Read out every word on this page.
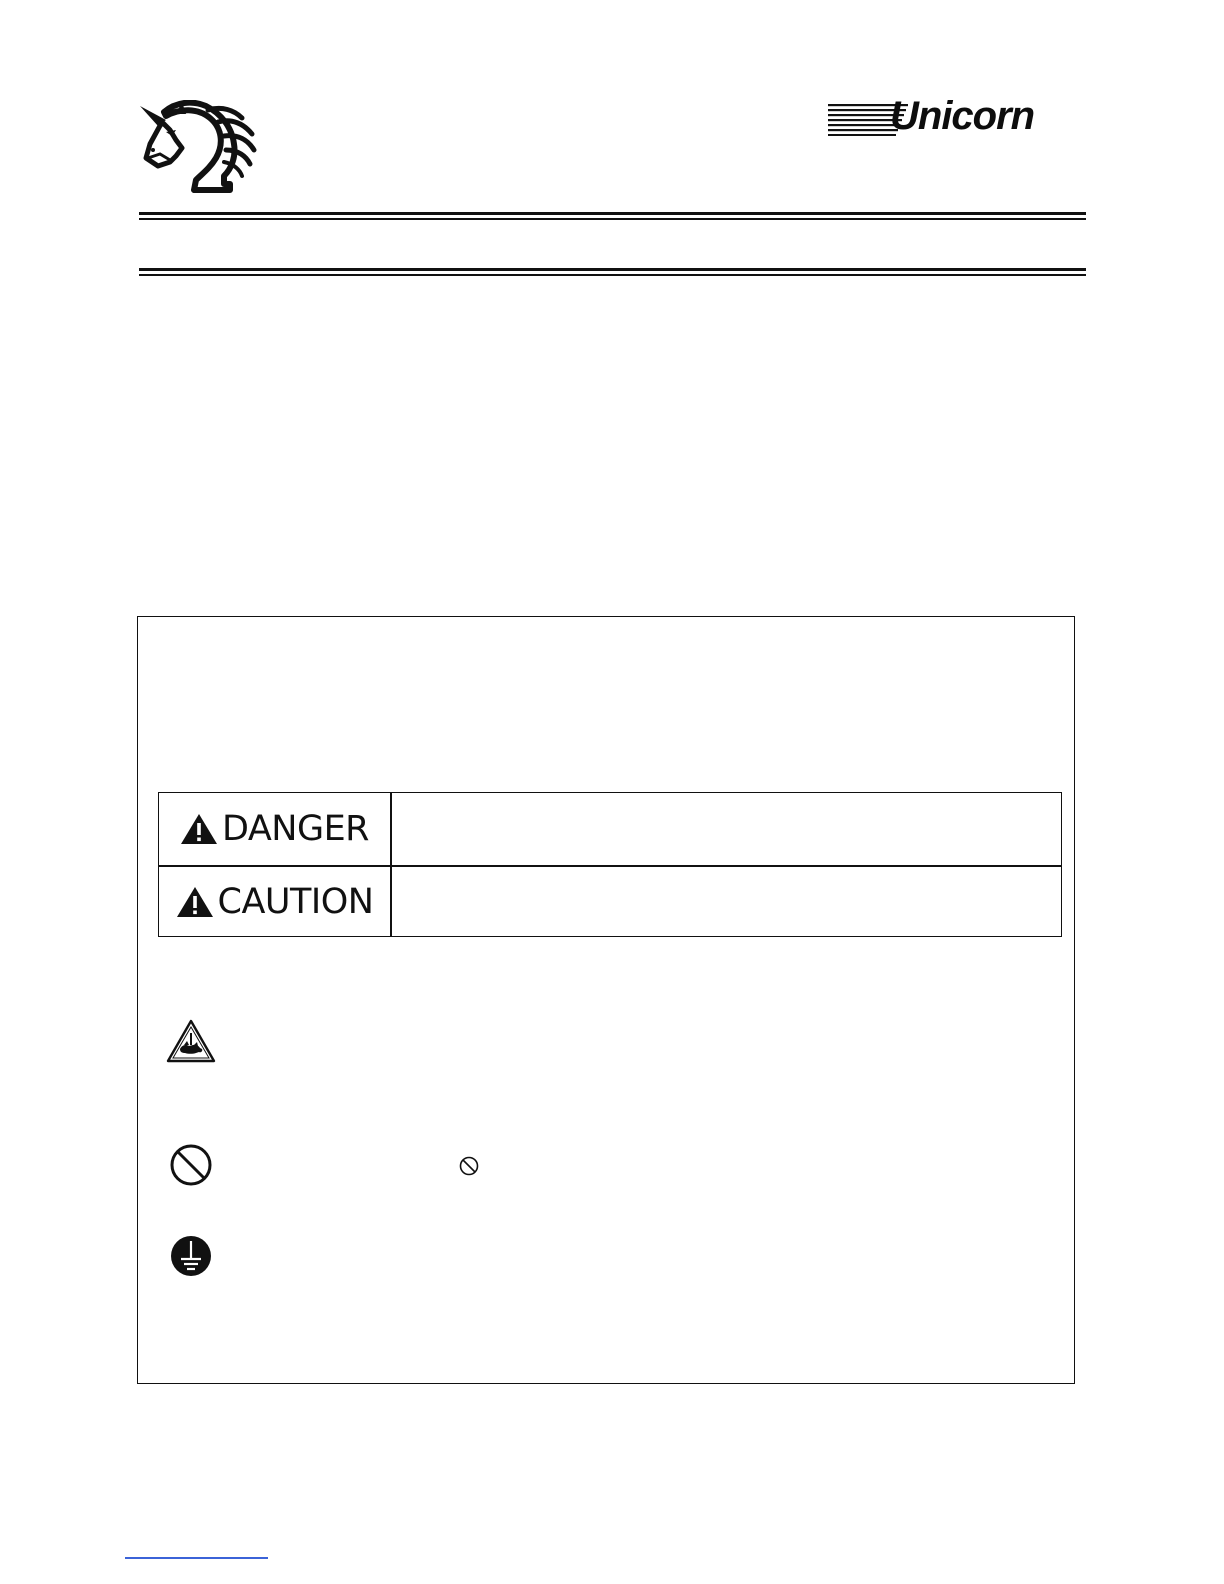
Unicorn
DANGER
CAUTION
